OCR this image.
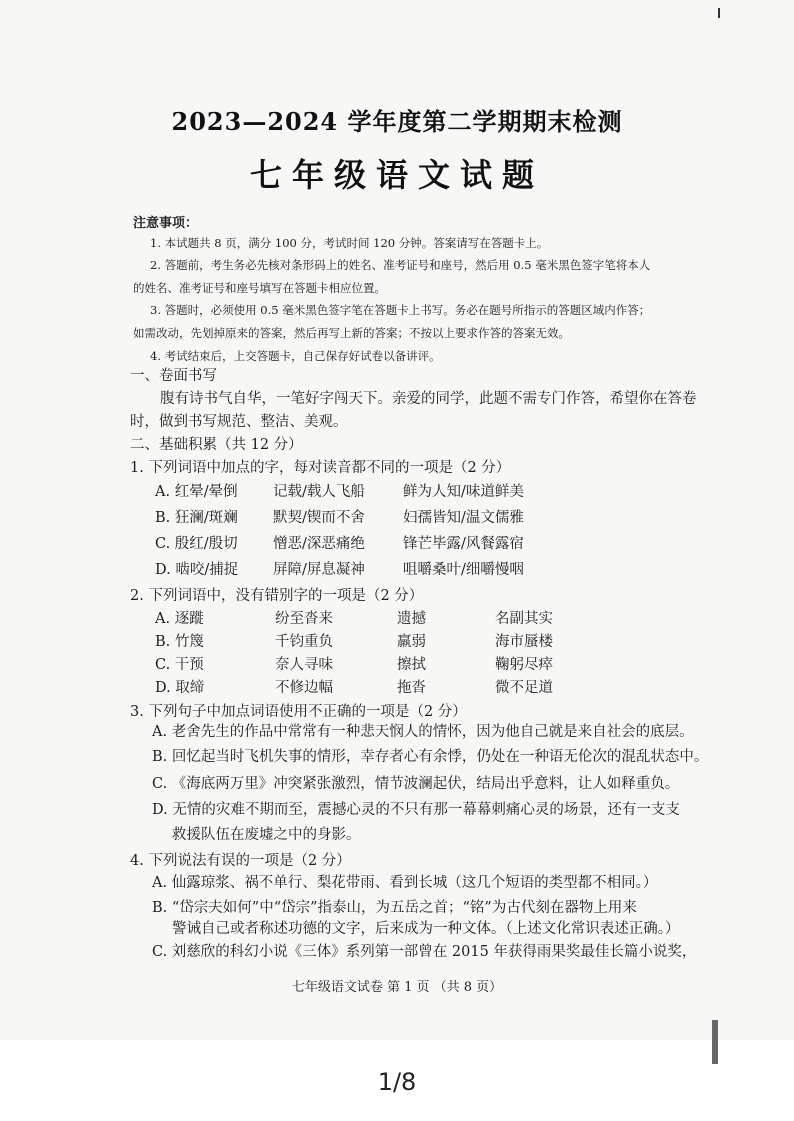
2023—2024 学年度第二学期期末检测
七年级语文试题
注意事项：
1. 本试题共 8 页，满分 100 分，考试时间 120 分钟。答案请写在答题卡上。
2. 答题前，考生务必先核对条形码上的姓名、准考证号和座号，然后用 0.5 毫米黑色签字笔将本人
的姓名、准考证号和座号填写在答题卡相应位置。
3. 答题时，必须使用 0.5 毫米黑色签字笔在答题卡上书写。务必在题号所指示的答题区域内作答；
如需改动，先划掉原来的答案，然后再写上新的答案；不按以上要求作答的答案无效。
4. 考试结束后，上交答题卡，自己保存好试卷以备讲评。
一、卷面书写
腹有诗书气自华，一笔好字闯天下。亲爱的同学，此题不需专门作答，希望你在答卷
时，做到书写规范、整洁、美观。
二、基础积累（共 12 分）
1. 下列词语中加点的字，每对读音都不同的一项是（2 分）
A. 红晕/晕倒	记载/载人飞船	鲜为人知/味道鲜美
B. 狂澜/斑斓	默契/锲而不舍	妇孺皆知/温文儒雅
C. 殷红/殷切	憎恶/深恶痛绝	锋芒毕露/风餐露宿
D. 啮咬/捕捉	屏障/屏息凝神	咀嚼桑叶/细嚼慢咽
2. 下列词语中，没有错别字的一项是（2 分）
A. 逐蹝	纷至沓来	遗撼	名副其实
B. 竹篾	千钧重负	羸弱	海市蜃楼
C. 干预	奈人寻味	擦拭	鞠躬尽瘁
D. 取缔	不修边幅	拖沓	微不足道
3. 下列句子中加点词语使用不正确的一项是（2 分）
A. 老舍先生的作品中常常有一种悲天悯人的情怀，因为他自己就是来自社会的底层。
B. 回忆起当时飞机失事的情形，幸存者心有余悸，仍处在一种语无伦次的混乱状态中。
C. 《海底两万里》冲突紧张激烈，情节波澜起伏，结局出乎意料，让人如释重负。
D. 无情的灾难不期而至，震撼心灵的不只有那一幕幕刺痛心灵的场景，还有一支支
救援队伍在废墟之中的身影。
4. 下列说法有误的一项是（2 分）
A. 仙露琼浆、祸不单行、梨花带雨、看到长城（这几个短语的类型都不相同。）
B. “岱宗夫如何”中“岱宗”指泰山，为五岳之首；“铭”为古代刻在器物上用来
警诫自己或者称述功德的文字，后来成为一种文体。（上述文化常识表述正确。）
C. 刘慈欣的科幻小说《三体》系列第一部曾在 2015 年获得雨果奖最佳长篇小说奖，
七年级语文试卷 第 1 页 （共 8 页）
1/8
